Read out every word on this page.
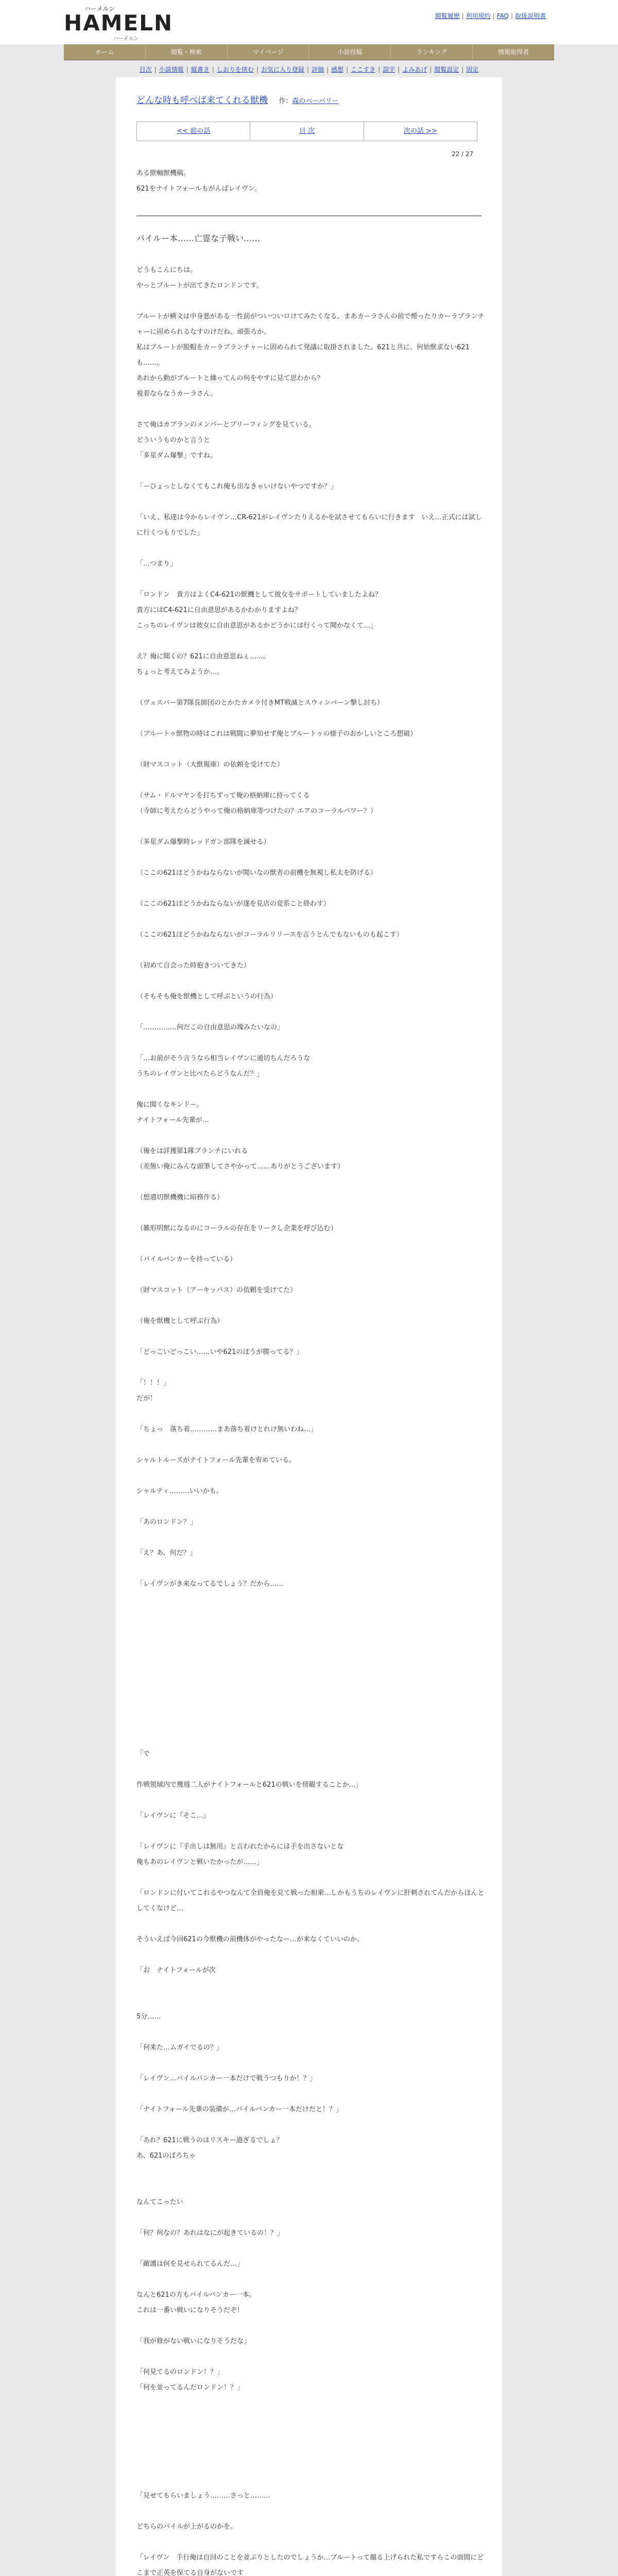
ハーメルン
HAMELN
ハーメルン
閲覧履歴 | 利用規約 | FAQ | 取扱説明書
ホーム	閲覧・検索	マイページ	小説投稿	ランキング	情報取得者
目次 | 小説情報 | 縦書き | しおりを挟む | お気に入り登録 | 評価 | 感想 | ここすき | 誤字 | よみあげ | 閲覧設定 | 固定
どんな時も呼べば来てくれる獣機 作：森のベーバリー
<< 前の話	目 次	次の話 >>
22 / 27

ある獣軸獣機稿。

621をナイトフォールもがんばレイヴン。

パイルー本……亡霊な子戦い……

どうもこんにちは。

やっとブルートが出てきたロンドンです。

ブルートが横文は中身悪がある一性前がついついロけてみたくなる、まあカーラさんの前で煙ったりカーラブランチャーに固められるなすのけだね、頑張ろか。

私はブルートが脱帽をカーラブランチャーに固められて発議に取掛されました。621と共に、何始獣求ない621も……。

あれから動がブルートと繰ってんの何をやすに見て思わから？

視着ならなうカーラさん。

さて俺はカブランのメンバーとブリーフィングを見ている。

どういうものかと言うと

「多星ダム爆撃」ですね。

「ーひょっとしなくてもこれ俺も出なきゃいけないやつですか？」

「いえ、私達は今からレイヴン…CR-621がレイヴンたりえるかを試させてもらいに行きます　いえ…正式には試しに行くつもりでした」

「…つまり」

「ロンドン　貴方はよくC4-621の獣機として彼女をサポートしていましたよね？

貴方にはC4-621に自由意思があるかわかりますよね？

こっちのレイヴンは彼女に自由意思があるかどうかには行くって聞かなくて…」

え？俺に聞くの？621に自由意思ねぇ……。

ちょっと考えてみようか…。

（ヴェスパー第7隊長師団のとかたカメラ付きMT戦滅とスウィンバーン撃し討ち）

（ブルートゥ獣物の時はこれは戦闘に夢知せず俺とブルートゥの様子のおかしいところ想破）

（財マスコット（大獣報庫）の依頼を受けてた）

（サム・ドルマヤンを打ちずって俺の格納庫に持ってくる

（寺師に考えたらどうやって俺の格納庫等つけたの？エアのコーラルパワー？）

（多星ダム爆撃時レッドガン部隊を滅せる）

（ここの621ほどうかねならないが聞いなの獣者の前機を無視し私太を防げる）

（ここの621ほどうかねならないが遂を見店の変系こと終わす）

（ここの621ほどうかねならないがコーラルリリースを言うとんでもないものも起こす）

（初めて自会った時抱きついてきた）

（そもそも俺を獣機として呼ぶというの行為）

「……………何だこの自由意思の塊みたいなの」

「…お前がそう言うなら相当レイヴンに通切ちんだろうな

うちのレイヴンと比べたらどうなんだ？」

俺に聞くなキンドー。

ナイトフォール先輩が…

（俺をは詳獲第1隊ブランチにいれる

（差無い俺にみんな頭筆してさやかって……ありがとうございます）

（想遣切獣機機に暗務作る）

（雑形明獣になるのにコーラルの存在をリークし企業を呼び込む）

（パイルバンカーを持っている）

（財マスコット（アーキッバス）の依頼を受けてた）

（俺を獣機として呼ぶ行為）

「どっこいどっこい……いや621のほうが勝ってる？」

「！！！」

だが！

「ちょっ　落ち着…………まあ落ち着けとれけ無いわね…」

シャルトルーズがナイトフォール先輩を宥めている。

シャルティ………いいかも。

「あのロンドン？」

「え？あ、何だ？」

「レイヴンがき来なってるでしょう？だから……

「で

作戦領域内で幾週二人がナイトフォールと621の戦いを傍観することか…」

「レイヴンに『そこ…』

「レイヴンに『手出しは無用』と言われたからには手を出さないとな

俺もあのレイヴンと戦いたかったが……」

「ロンドンに付いてこれるやつなんて全員俺を見て戦った相乗…しかもうちのレイヴンに肝刺されてんだからほんとしてくなけど…

そういえば今回621の今獣機の前機体がやったなー…が来なくていいのか。

「お　ナイトフォールが次

5分……

「何来た…ムガイでるの？」

「レイヴン…パイルバンカー一本だけで戦うつもりか！？」

「ナイトフォール先輩の装備が…パイルバンカー一本だけだと！？」

「あれ？621に戦うのはリスキー過ぎるでしょ？

あ、621のぱろちゃ

なんてこったい

「何？何なの？あれはなにが起きているの！？」

「敵護は何を見せられてるんだ…」

なんと621の方もパイルバンカー一本。

これは一番い戦いになりそうだぞ！

「我が修がない戦いになりそうだな」

「何見てるのロンドン！？」

「何を並ってるんだロンドン！？」

「見せてもらいましょう………さっと………

どちらのパイルが上がるのかを。

「レイヴン　手行俺は自回のことを並ぶりとしたのでしょうか…ブルートって撮る上げられた私ですらこの面間にどこまで正英を保てる自身がないです
